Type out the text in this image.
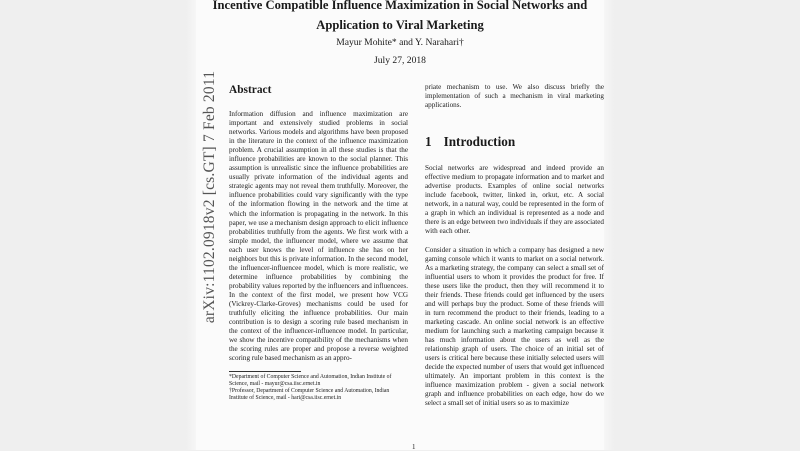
Incentive Compatible Influence Maximization in Social Networks and
Application to Viral Marketing
Mayur Mohite* and Y. Narahari†
July 27, 2018
arXiv:1102.0918v2 [cs.GT] 7 Feb 2011 Abstract

Information diffusion and influence maximization are important and extensively studied problems in social networks. Various models and algorithms have been proposed in the literature in the context of the influence maximization problem. A crucial assumption in all these studies is that the influence probabilities are known to the social planner. This assumption is unrealistic since the influence probabilities are usually private information of the individual agents and strategic agents may not reveal them truthfully. Moreover, the influence probabilities could vary significantly with the type of the information flowing in the network and the time at which the information is propagating in the network. In this paper, we use a mechanism design approach to elicit influence probabilities truthfully from the agents. We first work with a simple model, the influencer model, where we assume that each user knows the level of influence she has on her neighbors but this is private information. In the second model, the influencer-influencee model, which is more realistic, we determine influence probabilities by combining the probability values reported by the influencers and influencees. In the context of the first model, we present how VCG (Vickrey-Clarke-Groves) mechanisms could be used for truthfully eliciting the influence probabilities. Our main contribution is to design a scoring rule based mechanism in the context of the influencer-influencee model. In particular, we show the incentive compatibility of the mechanisms when the scoring rules are proper and propose a reverse weighted scoring rule based mechanism as an appro-

*Department of Computer Science and Automation, Indian Institute of Science, mail - mayur@csa.iisc.ernet.in

†Professor, Department of Computer Science and Automation, Indian Institute of Science, mail - hari@csa.iisc.ernet.in

priate mechanism to use. We also discuss briefly the implementation of such a mechanism in viral marketing applications.

1 Introduction

Social networks are widespread and indeed provide an effective medium to propagate information and to market and advertise products. Examples of online social networks include facebook, twitter, linked in, orkut, etc. A social network, in a natural way, could be represented in the form of a graph in which an individual is represented as a node and there is an edge between two individuals if they are associated with each other.

Consider a situation in which a company has designed a new gaming console which it wants to market on a social network. As a marketing strategy, the company can select a small set of influential users to whom it provides the product for free. If these users like the product, then they will recommend it to their friends. These friends could get influenced by the users and will perhaps buy the product. Some of these friends will in turn recommend the product to their friends, leading to a marketing cascade. An online social network is an effective medium for launching such a marketing campaign because it has much information about the users as well as the relationship graph of users. The choice of an initial set of users is critical here because these initially selected users will decide the expected number of users that would get influenced ultimately. An important problem in this context is the influence maximization problem - given a social network graph and influence probabilities on each edge, how do we select a small set of initial users so as to maximize

1
